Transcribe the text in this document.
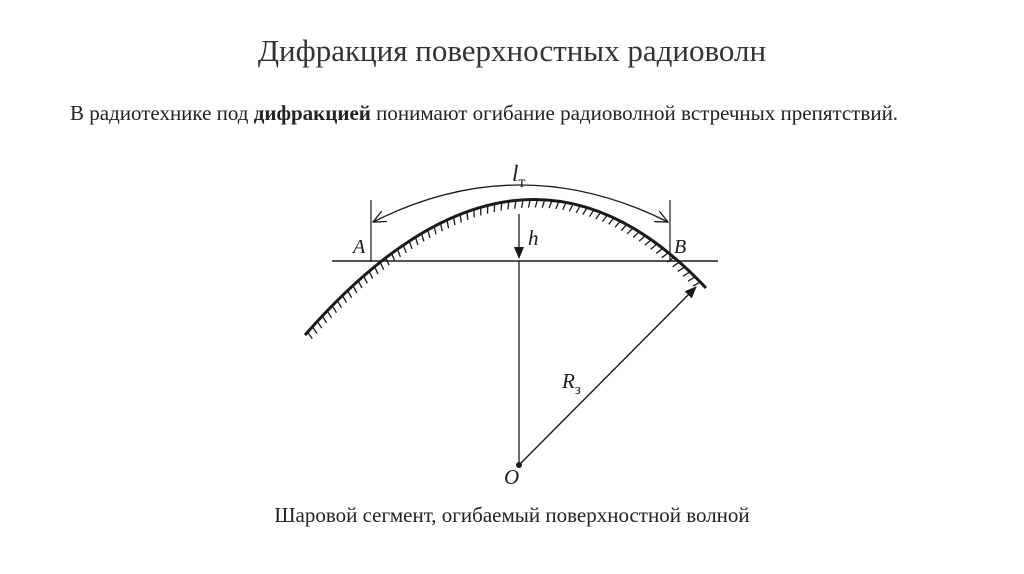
Дифракция поверхностных радиоволн
В радиотехнике под дифракцией понимают огибание радиоволной встречных препятствий.
$l_т$
h
A	B
$R_з$
O
Шаровой сегмент, огибаемый поверхностной волной
